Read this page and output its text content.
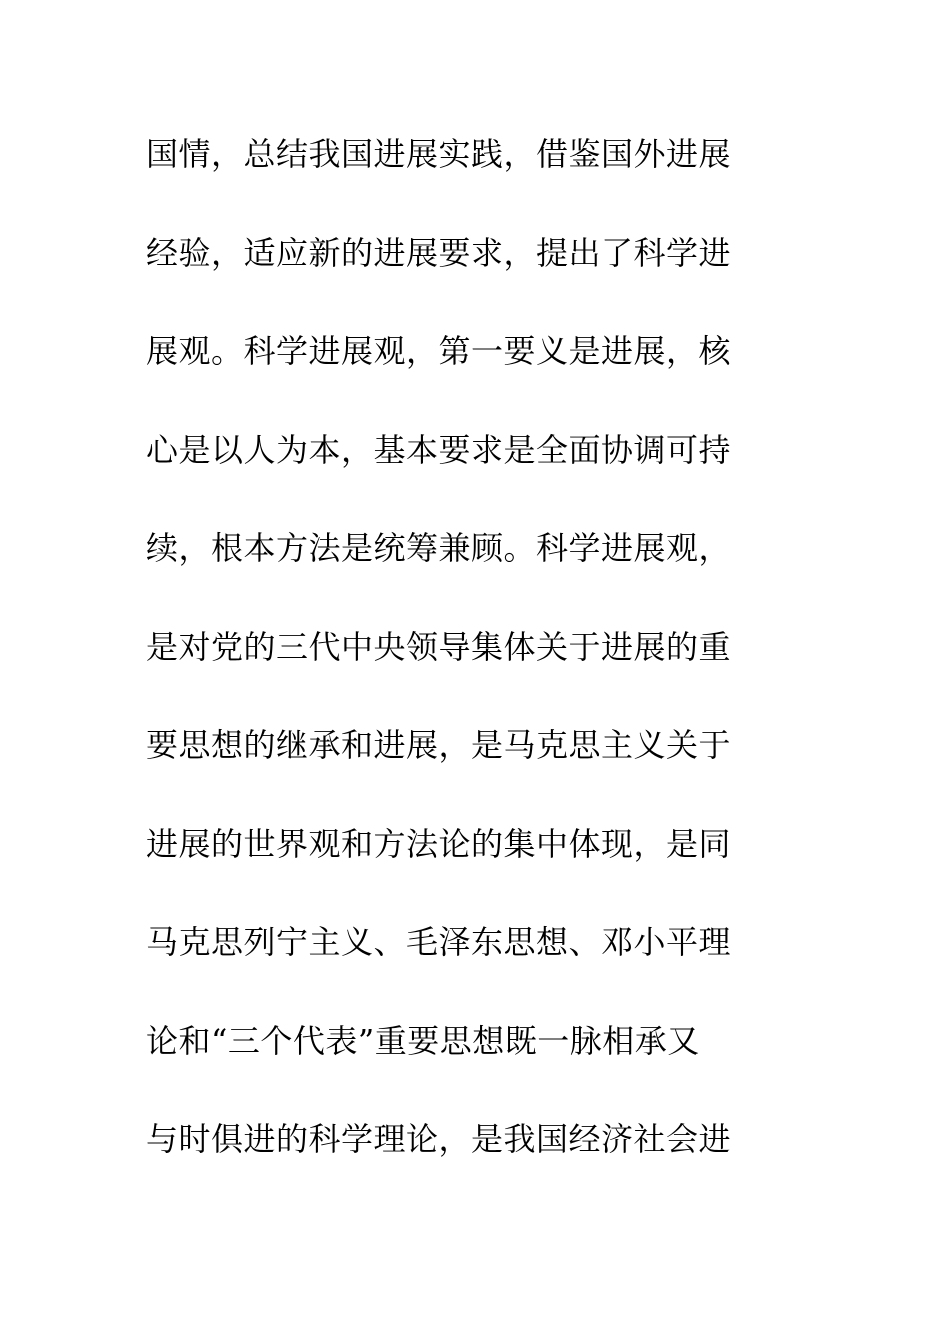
国情，总结我国进展实践，借鉴国外进展
经验，适应新的进展要求，提出了科学进
展观。科学进展观，第一要义是进展，核
心是以人为本，基本要求是全面协调可持
续，根本方法是统筹兼顾。科学进展观，
是对党的三代中央领导集体关于进展的重
要思想的继承和进展，是马克思主义关于
进展的世界观和方法论的集中体现，是同
马克思列宁主义、毛泽东思想、邓小平理
论和“三个代表”重要思想既一脉相承又
与时俱进的科学理论，是我国经济社会进
